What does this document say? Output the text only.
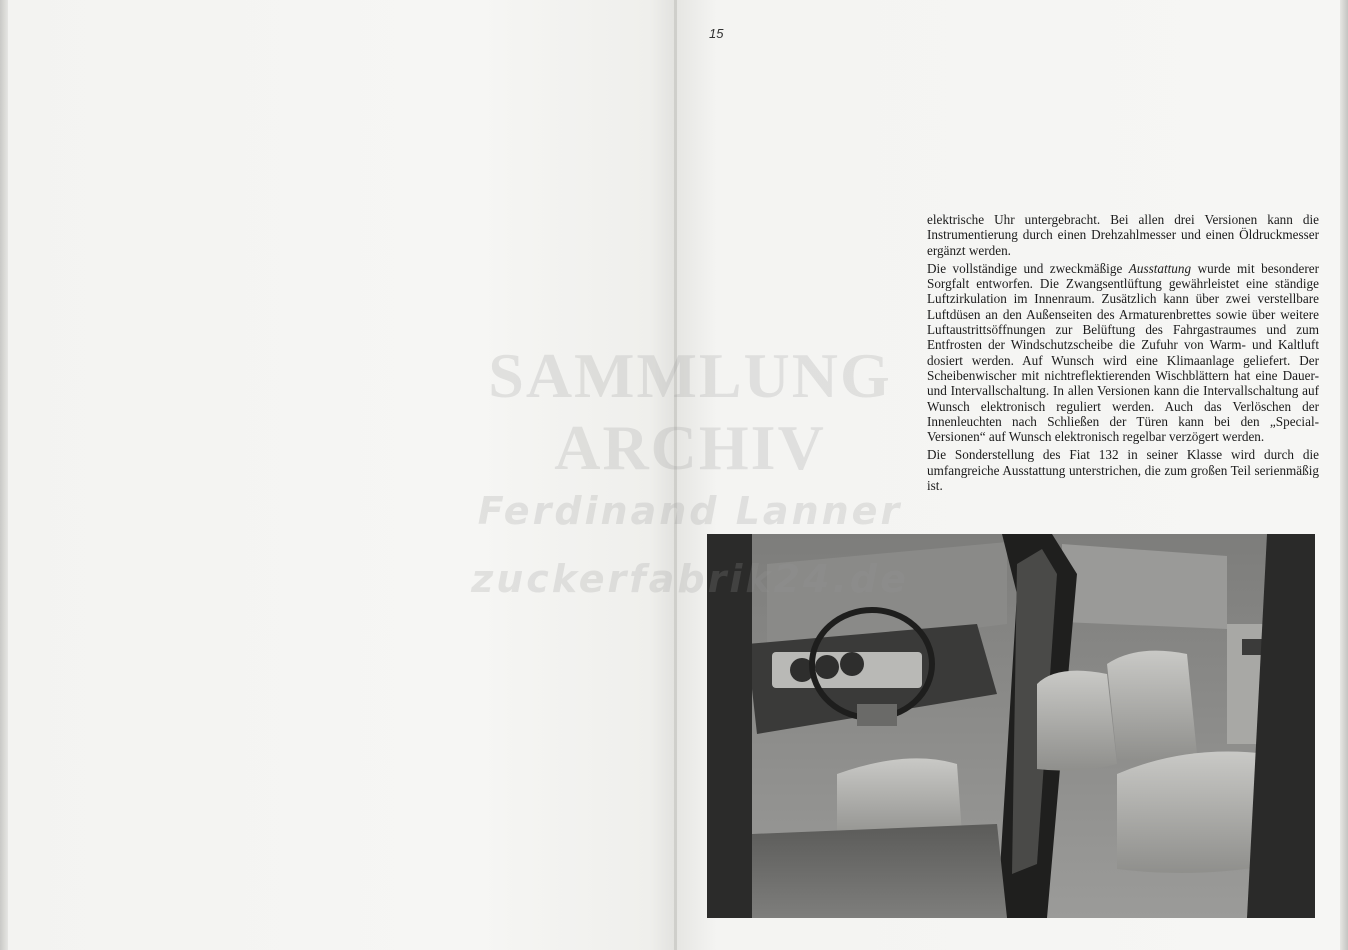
15

elektrische Uhr untergebracht. Bei allen drei Versionen kann die Instrumentierung durch einen Drehzahlmesser und einen Öldruckmesser ergänzt werden.

Die vollständige und zweckmäßige Ausstattung wurde mit besonderer Sorgfalt entworfen. Die Zwangsentlüftung gewährleistet eine ständige Luftzirkulation im Innenraum. Zusätzlich kann über zwei verstellbare Luftdüsen an den Außenseiten des Armaturenbrettes sowie über weitere Luftaustrittsöffnungen zur Belüftung des Fahrgastraumes und zum Entfrosten der Windschutzscheibe die Zufuhr von Warm- und Kaltluft dosiert werden. Auf Wunsch wird eine Klimaanlage geliefert. Der Scheibenwischer mit nichtreflektierenden Wischblättern hat eine Dauer- und Intervallschaltung. In allen Versionen kann die Intervallschaltung auf Wunsch elektronisch reguliert werden. Auch das Verlöschen der Innenleuchten nach Schließen der Türen kann bei den „Special-Versionen“ auf Wunsch elektronisch regelbar verzögert werden.

Die Sonderstellung des Fiat 132 in seiner Klasse wird durch die umfangreiche Ausstattung unterstrichen, die zum großen Teil serienmäßig ist.

SAMMLUNG
ARCHIV
Ferdinand Lanner
zuckerfabrik24.de
